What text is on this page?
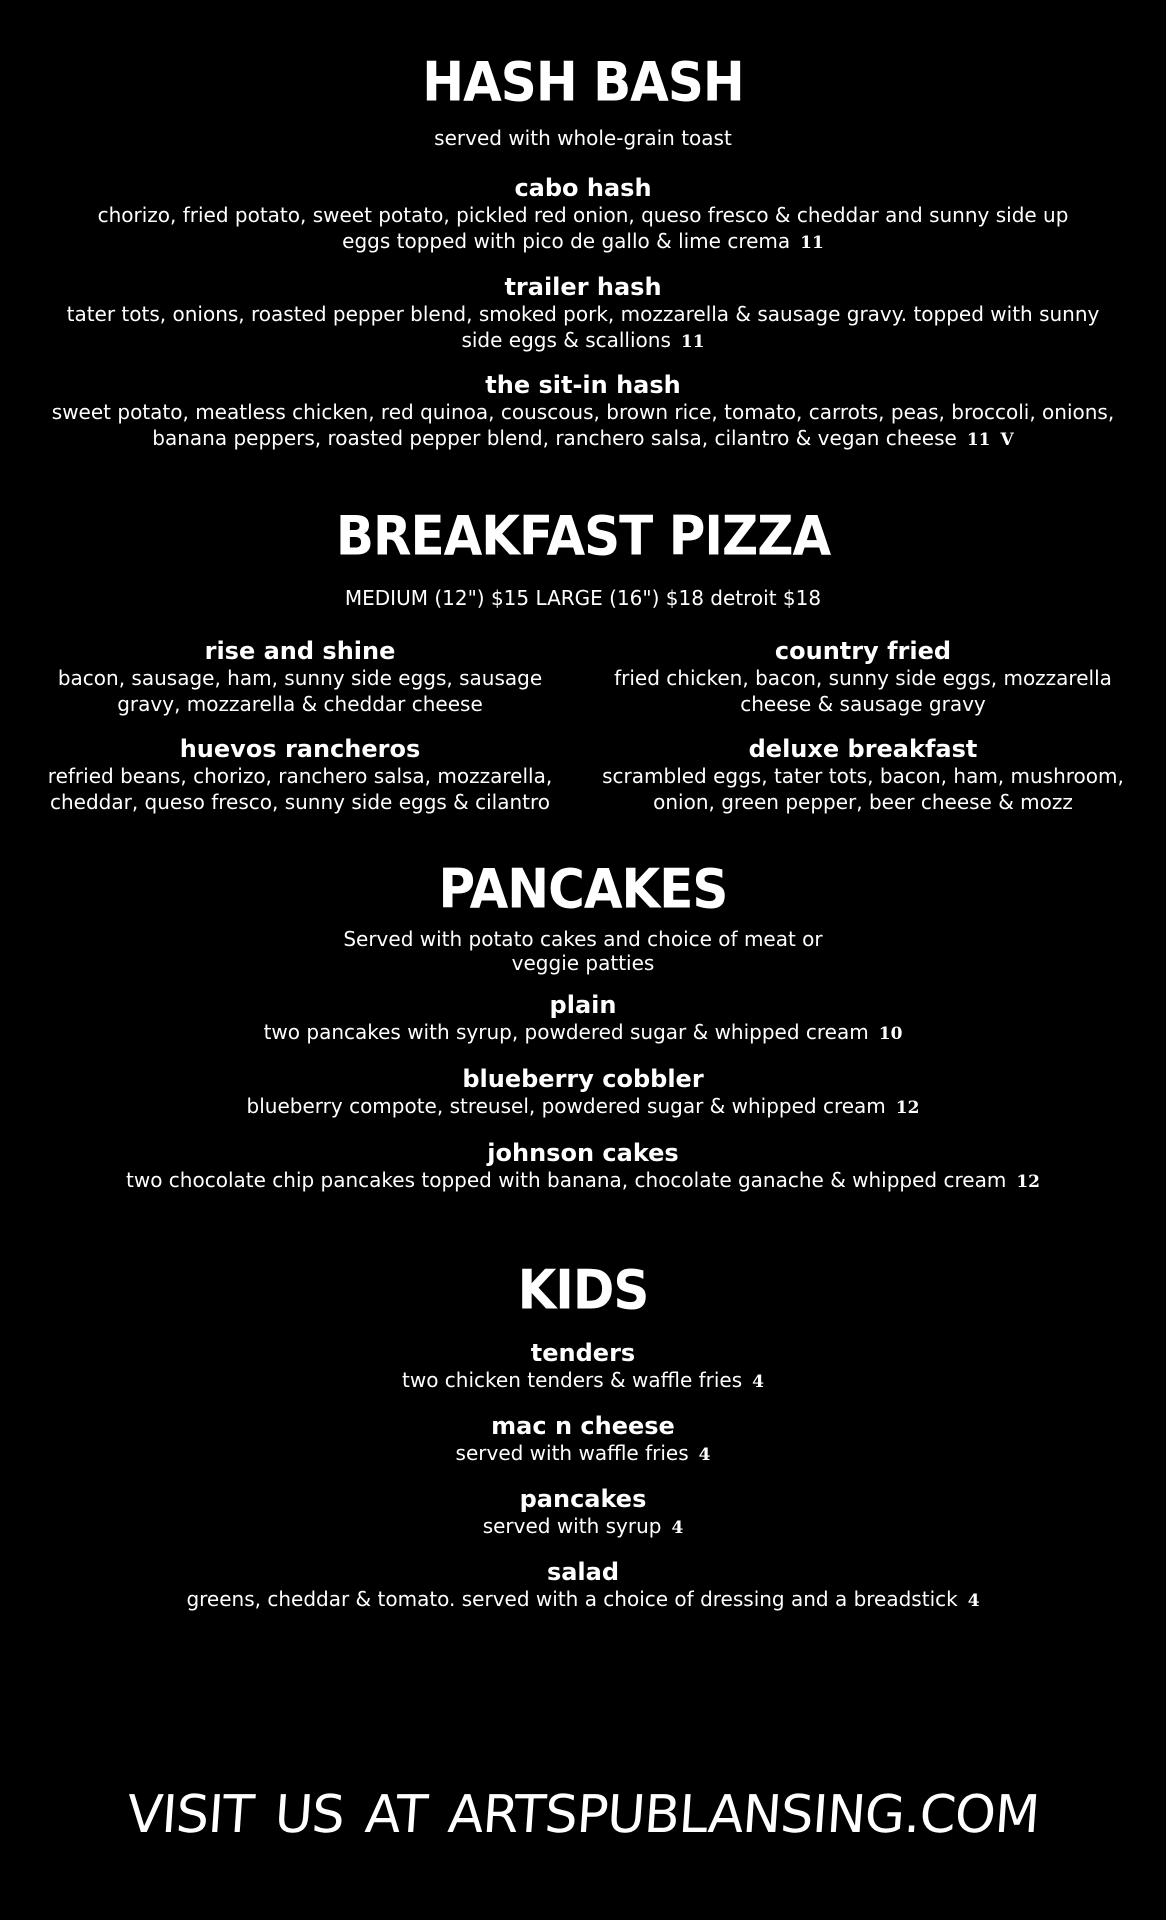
HASH BASH
served with whole-grain toast
cabo hash
chorizo, fried potato, sweet potato, pickled red onion, queso fresco & cheddar and sunny side up eggs topped with pico de gallo & lime crema 11
trailer hash
tater tots, onions, roasted pepper blend, smoked pork, mozzarella & sausage gravy. topped with sunny side eggs & scallions 11
the sit-in hash
sweet potato, meatless chicken, red quinoa, couscous, brown rice, tomato, carrots, peas, broccoli, onions, banana peppers, roasted pepper blend, ranchero salsa, cilantro & vegan cheese 11 V
BREAKFAST PIZZA
MEDIUM (12") $15 LARGE (16") $18 detroit $18
rise and shine
bacon, sausage, ham, sunny side eggs, sausage gravy, mozzarella & cheddar cheese
country fried
fried chicken, bacon, sunny side eggs, mozzarella cheese & sausage gravy
huevos rancheros
refried beans, chorizo, ranchero salsa, mozzarella, cheddar, queso fresco, sunny side eggs & cilantro
deluxe breakfast
scrambled eggs, tater tots, bacon, ham, mushroom, onion, green pepper, beer cheese & mozz
PANCAKES
Served with potato cakes and choice of meat or
veggie patties
plain
two pancakes with syrup, powdered sugar & whipped cream 10
blueberry cobbler
blueberry compote, streusel, powdered sugar & whipped cream 12
johnson cakes
two chocolate chip pancakes topped with banana, chocolate ganache & whipped cream 12
KIDS
tenders
two chicken tenders & waffle fries 4
mac n cheese
served with waffle fries 4
pancakes
served with syrup 4
salad
greens, cheddar & tomato. served with a choice of dressing and a breadstick 4
VISIT US AT ARTSPUBLANSING.COM
